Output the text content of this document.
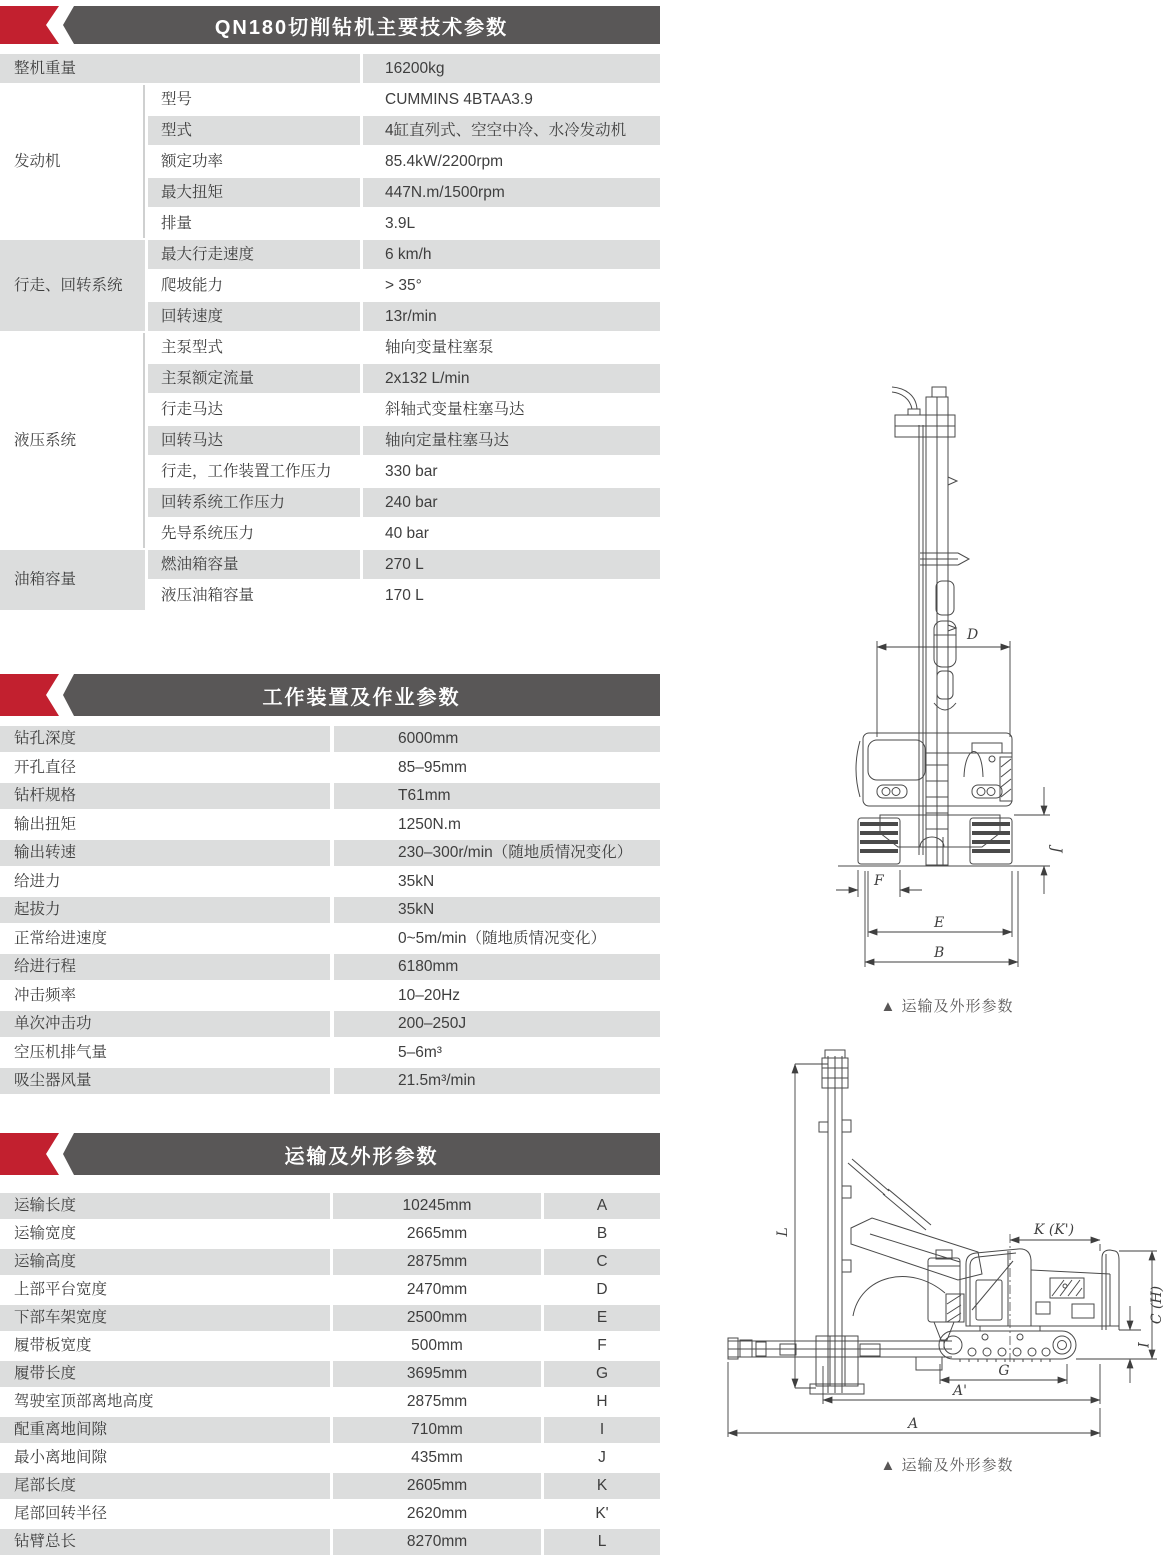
QN180切削钻机主要技术参数
整机重量	16200kg
发动机
型号	CUMMINS 4BTAA3.9
型式	4缸直列式、空空中冷、水冷发动机
额定功率	85.4kW/2200rpm
最大扭矩	447N.m/1500rpm
排量	3.9L
行走、回转系统
最大行走速度	6 km/h
爬坡能力	> 35°
回转速度	13r/min
液压系统
主泵型式	轴向变量柱塞泵
主泵额定流量	2x132 L/min
行走马达	斜轴式变量柱塞马达
回转马达	轴向定量柱塞马达
行走，工作装置工作压力	330 bar
回转系统工作压力	240 bar
先导系统压力	40 bar
油箱容量
燃油箱容量	270 L
液压油箱容量	170 L
工作装置及作业参数
钻孔深度	6000mm
开孔直径	85–95mm
钻杆规格	T61mm
输出扭矩	1250N.m
输出转速	230–300r/min（随地质情况变化）
给进力	35kN
起拔力	35kN
正常给进速度	0~5m/min（随地质情况变化）
给进行程	6180mm
冲击频率	10–20Hz
单次冲击功	200–250J
空压机排气量	5–6m³
吸尘器风量	21.5m³/min
运输及外形参数
运输长度	10245mm	A
运输宽度	2665mm	B
运输高度	2875mm	C
上部平台宽度	2470mm	D
下部车架宽度	2500mm	E
履带板宽度	500mm	F
履带长度	3695mm	G
驾驶室顶部离地高度	2875mm	H
配重离地间隙	710mm	I
最小离地间隙	435mm	J
尾部长度	2605mm	K
尾部回转半径	2620mm	K'
钻臂总长	8270mm	L
D
J
F
E
B
▲ 运输及外形参数
L	K (K')
C (H)
I
G
A'
A
▲ 运输及外形参数
